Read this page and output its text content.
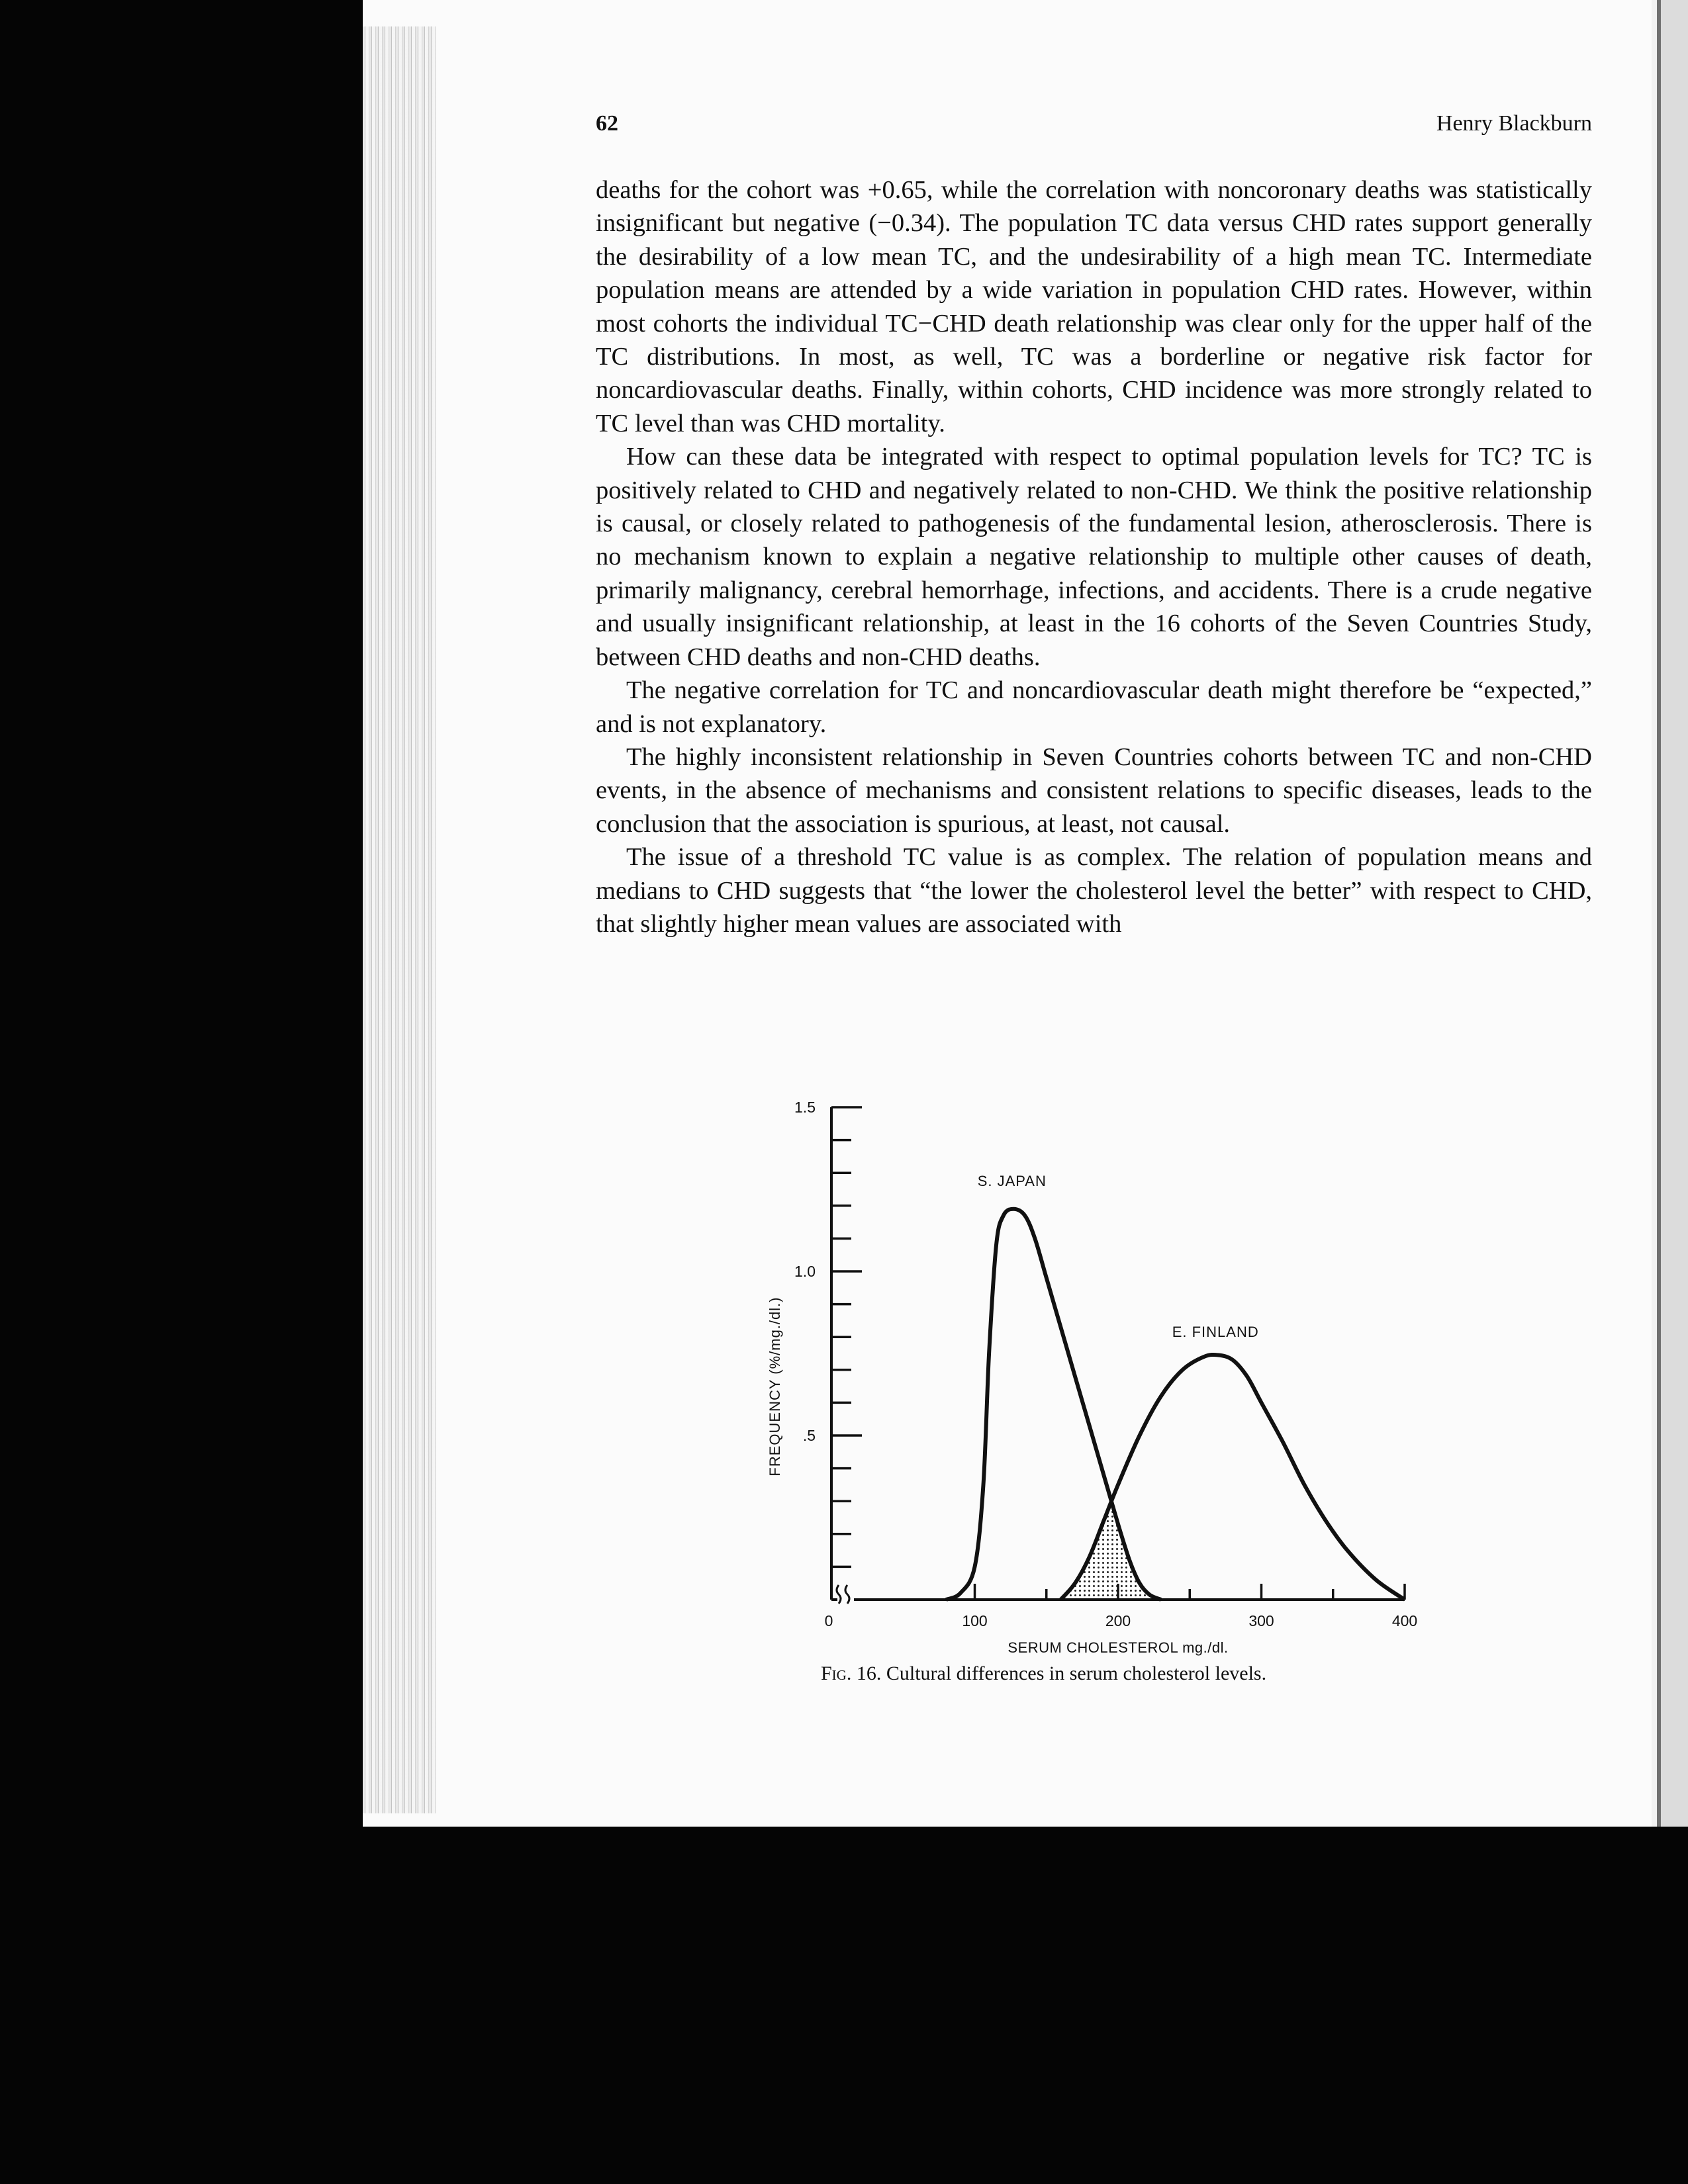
62	Henry Blackburn

deaths for the cohort was +0.65, while the correlation with noncoronary deaths was statistically insignificant but negative (−0.34). The population TC data versus CHD rates support generally the desirability of a low mean TC, and the undesirability of a high mean TC. Intermediate population means are attended by a wide variation in population CHD rates. However, within most cohorts the individual TC−CHD death relationship was clear only for the upper half of the TC distributions. In most, as well, TC was a borderline or negative risk factor for noncardiovascular deaths. Finally, within cohorts, CHD incidence was more strongly related to TC level than was CHD mortality.

How can these data be integrated with respect to optimal population levels for TC? TC is positively related to CHD and negatively related to non-CHD. We think the positive relationship is causal, or closely related to pathogenesis of the fundamental lesion, atherosclerosis. There is no mechanism known to explain a negative relationship to multiple other causes of death, primarily malignancy, cerebral hemorrhage, infections, and accidents. There is a crude negative and usually insignificant relationship, at least in the 16 cohorts of the Seven Countries Study, between CHD deaths and non-CHD deaths.

The negative correlation for TC and noncardiovascular death might therefore be “expected,” and is not explanatory.

The highly inconsistent relationship in Seven Countries cohorts between TC and non-CHD events, in the absence of mechanisms and consistent relations to specific diseases, leads to the conclusion that the association is spurious, at least, not causal.

The issue of a threshold TC value is as complex. The relation of population means and medians to CHD suggests that “the lower the cholesterol level the better” with respect to CHD, that slightly higher mean values are associated with

.5
1.0
1.5
0	100	200	300	400
S. JAPAN
E. FINLAND
SERUM CHOLESTEROL mg./dl.
FREQUENCY (%/mg./dl.)
Fig. 16. Cultural differences in serum cholesterol levels.
